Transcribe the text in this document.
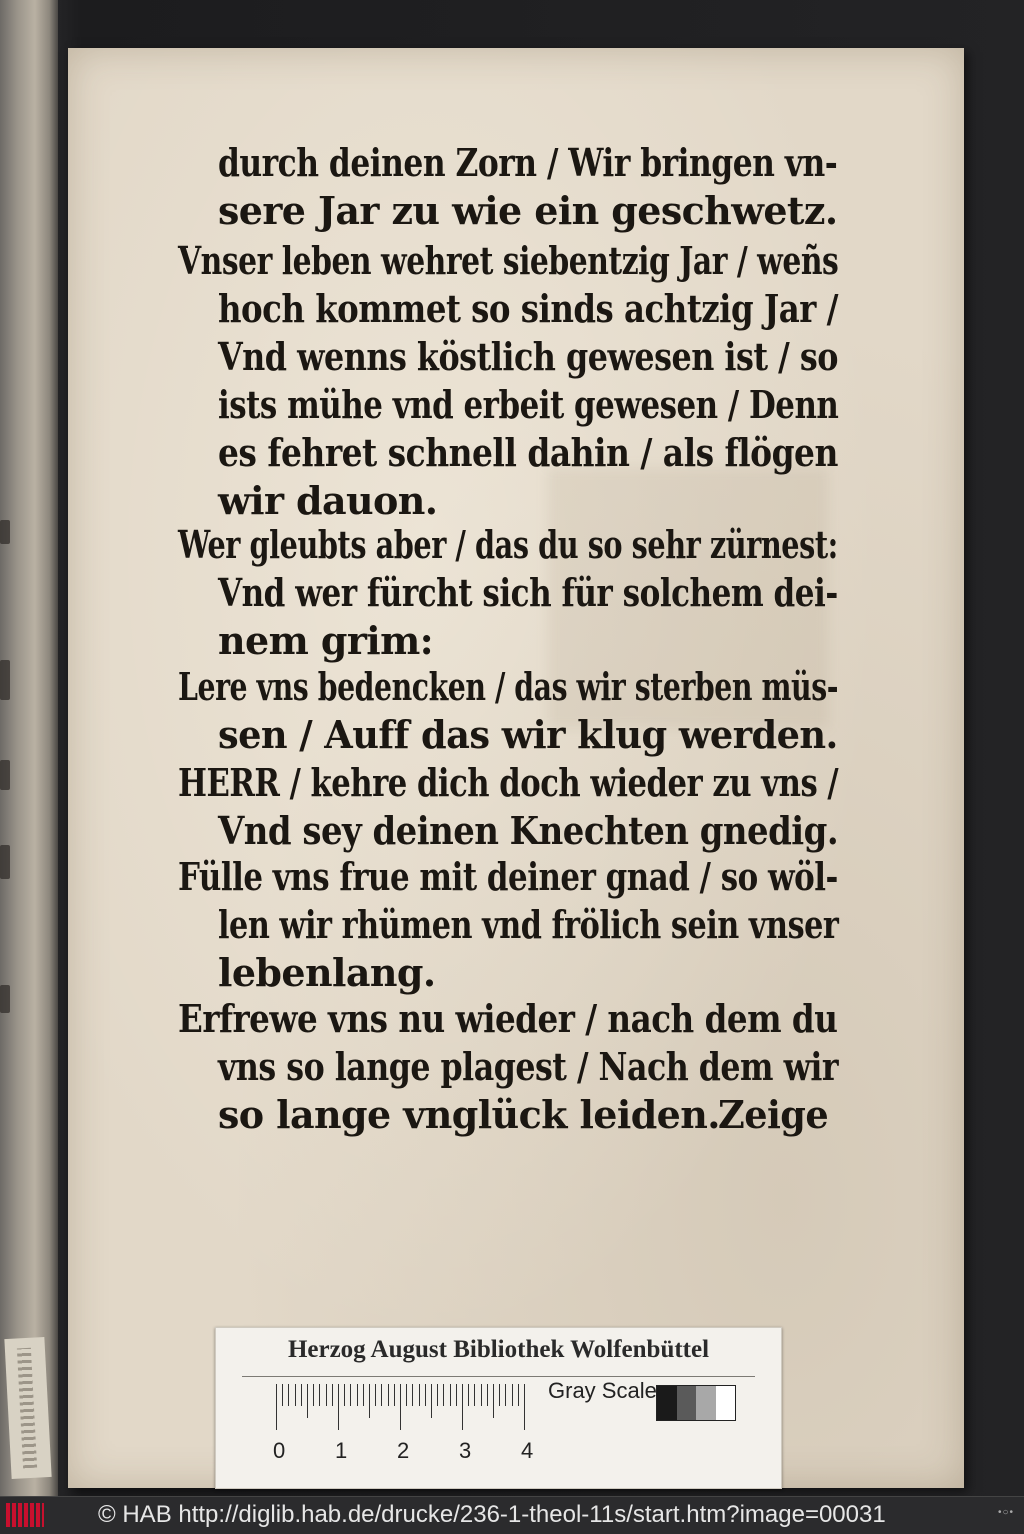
durch deinen Zorn / Wir bringen vn-
sere Jar zu wie ein geschwetz.
Vnser leben wehret siebentzig Jar / weñs
hoch kommet so sinds achtzig Jar /
Vnd wenns köstlich gewesen ist / so
ists mühe vnd erbeit gewesen / Denn
es fehret schnell dahin / als flögen
wir dauon.
Wer gleubts aber / das du so sehr zürnest:
Vnd wer fürcht sich für solchem dei-
nem grim:
Lere vns bedencken / das wir sterben müs-
sen / Auff das wir klug werden.
HERR / kehre dich doch wieder zu vns /
Vnd sey deinen Knechten gnedig.
Fülle vns frue mit deiner gnad / so wöl-
len wir rhümen vnd frölich sein vnser
lebenlang.
Erfrewe vns nu wieder / nach dem du
vns so lange plagest / Nach dem wir
so lange vnglück leiden.
Zeige
Herzog August Bibliothek Wolfenbüttel
0 1 2 3 4
Gray Scale
© HAB http://diglib.hab.de/drucke/236-1-theol-11s/start.htm?image=00031	•○•
